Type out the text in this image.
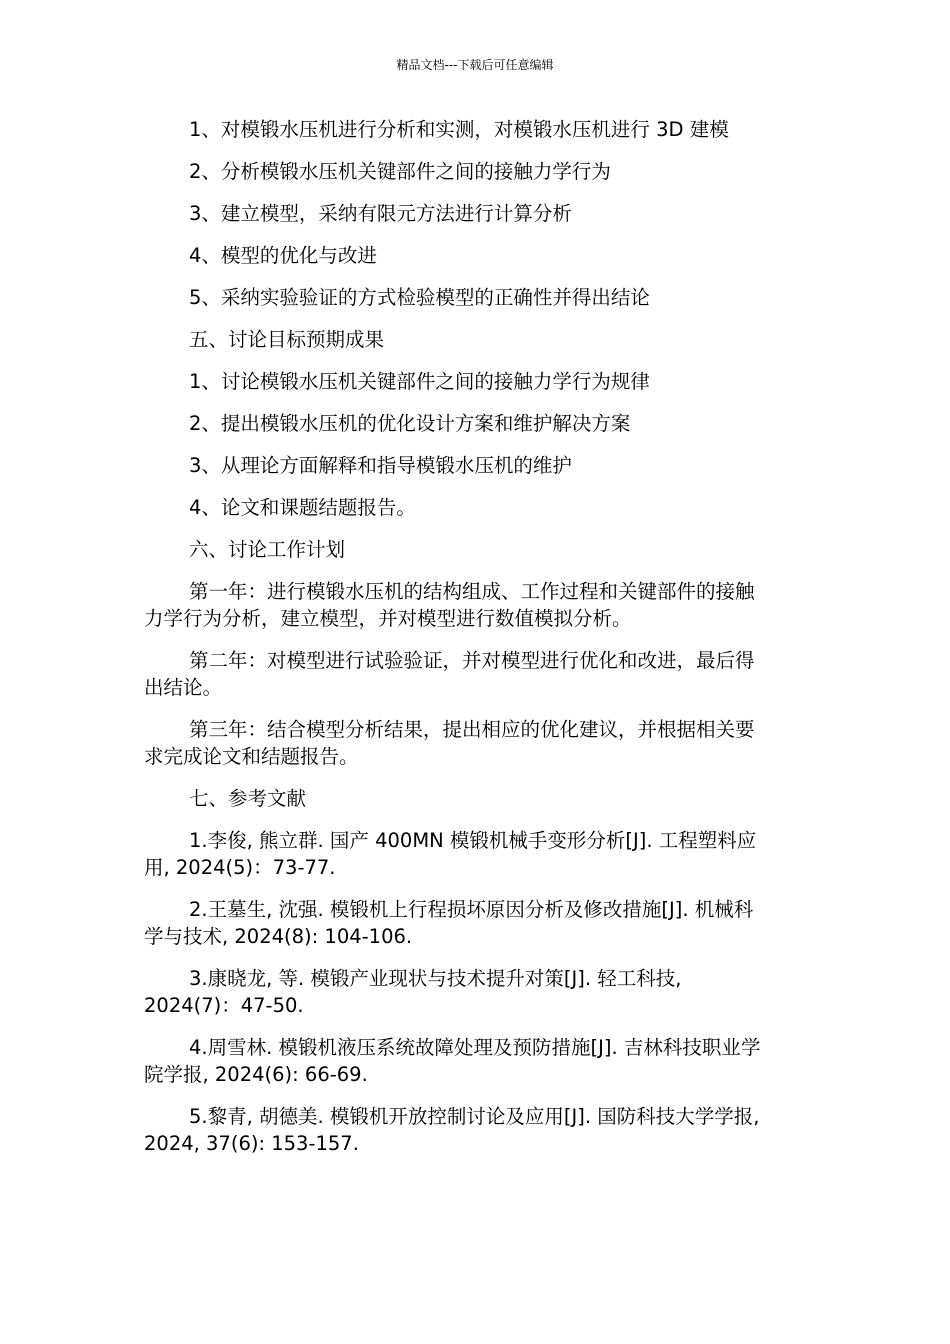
精品文档---下载后可任意编辑

1、对模锻水压机进行分析和实测，对模锻水压机进行 3D 建模

2、分析模锻水压机关键部件之间的接触力学行为

3、建立模型，采纳有限元方法进行计算分析

4、模型的优化与改进

5、采纳实验验证的方式检验模型的正确性并得出结论

五、讨论目标预期成果

1、讨论模锻水压机关键部件之间的接触力学行为规律

2、提出模锻水压机的优化设计方案和维护解决方案

3、从理论方面解释和指导模锻水压机的维护

4、论文和课题结题报告。

六、讨论工作计划

第一年：进行模锻水压机的结构组成、工作过程和关键部件的接触
力学行为分析，建立模型，并对模型进行数值模拟分析。

第二年：对模型进行试验验证，并对模型进行优化和改进，最后得
出结论。

第三年：结合模型分析结果，提出相应的优化建议，并根据相关要
求完成论文和结题报告。

七、参考文献

1.李俊, 熊立群. 国产 400MN 模锻机械手变形分析[J]. 工程塑料应
用, 2024(5)：73-77.

2.王墓生, 沈强. 模锻机上行程损坏原因分析及修改措施[J]. 机械科
学与技术, 2024(8): 104-106.

3.康晓龙, 等. 模锻产业现状与技术提升对策[J]. 轻工科技,
2024(7)：47-50.

4.周雪林. 模锻机液压系统故障处理及预防措施[J]. 吉林科技职业学
院学报, 2024(6): 66-69.

5.黎青, 胡德美. 模锻机开放控制讨论及应用[J]. 国防科技大学学报,
2024, 37(6): 153-157.
